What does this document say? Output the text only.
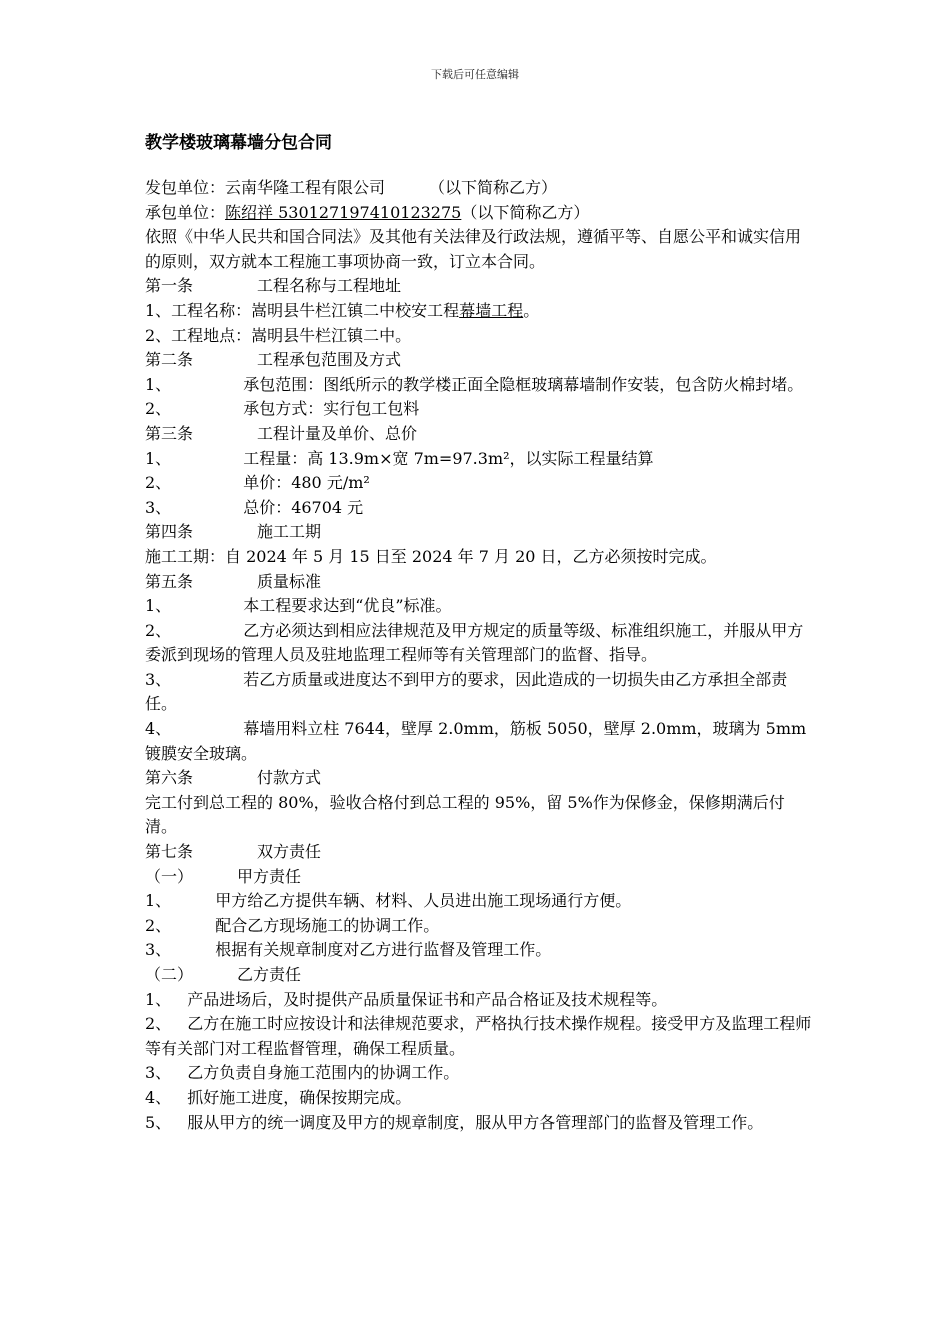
下载后可任意编辑
教学楼玻璃幕墙分包合同
发包单位：云南华隆工程有限公司	（以下简称乙方）
承包单位：陈绍祥 530127197410123275（以下简称乙方）
依照《中华人民共和国合同法》及其他有关法律及行政法规，遵循平等、自愿公平和诚实信用的原则，双方就本工程施工事项协商一致，订立本合同。
第一条	工程名称与工程地址
1、工程名称：嵩明县牛栏江镇二中校安工程幕墙工程。
2、工程地点：嵩明县牛栏江镇二中。
第二条	工程承包范围及方式
1、	承包范围：图纸所示的教学楼正面全隐框玻璃幕墙制作安装，包含防火棉封堵。
2、	承包方式：实行包工包料
第三条	工程计量及单价、总价
1、	工程量：高 13.9m×宽 7m=97.3m²，以实际工程量结算
2、	单价：480 元/m²
3、	总价：46704 元
第四条	施工工期
施工工期：自 2024 年 5 月 15 日至 2024 年 7 月 20 日，乙方必须按时完成。
第五条	质量标准
1、	本工程要求达到“优良”标准。
2、	乙方必须达到相应法律规范及甲方规定的质量等级、标准组织施工，并服从甲方委派到现场的管理人员及驻地监理工程师等有关管理部门的监督、指导。
3、	若乙方质量或进度达不到甲方的要求，因此造成的一切损失由乙方承担全部责任。
4、	幕墙用料立柱 7644，壁厚 2.0mm，筋板 5050，壁厚 2.0mm，玻璃为 5mm 镀膜安全玻璃。
第六条	付款方式
完工付到总工程的 80%，验收合格付到总工程的 95%，留 5%作为保修金，保修期满后付清。
第七条	双方责任
（一）	甲方责任
1、	甲方给乙方提供车辆、材料、人员进出施工现场通行方便。
2、	配合乙方现场施工的协调工作。
3、	根据有关规章制度对乙方进行监督及管理工作。
（二）	乙方责任
1、 产品进场后，及时提供产品质量保证书和产品合格证及技术规程等。
2、 乙方在施工时应按设计和法律规范要求，严格执行技术操作规程。接受甲方及监理工程师等有关部门对工程监督管理，确保工程质量。
3、 乙方负责自身施工范围内的协调工作。
4、 抓好施工进度，确保按期完成。
5、 服从甲方的统一调度及甲方的规章制度，服从甲方各管理部门的监督及管理工作。
